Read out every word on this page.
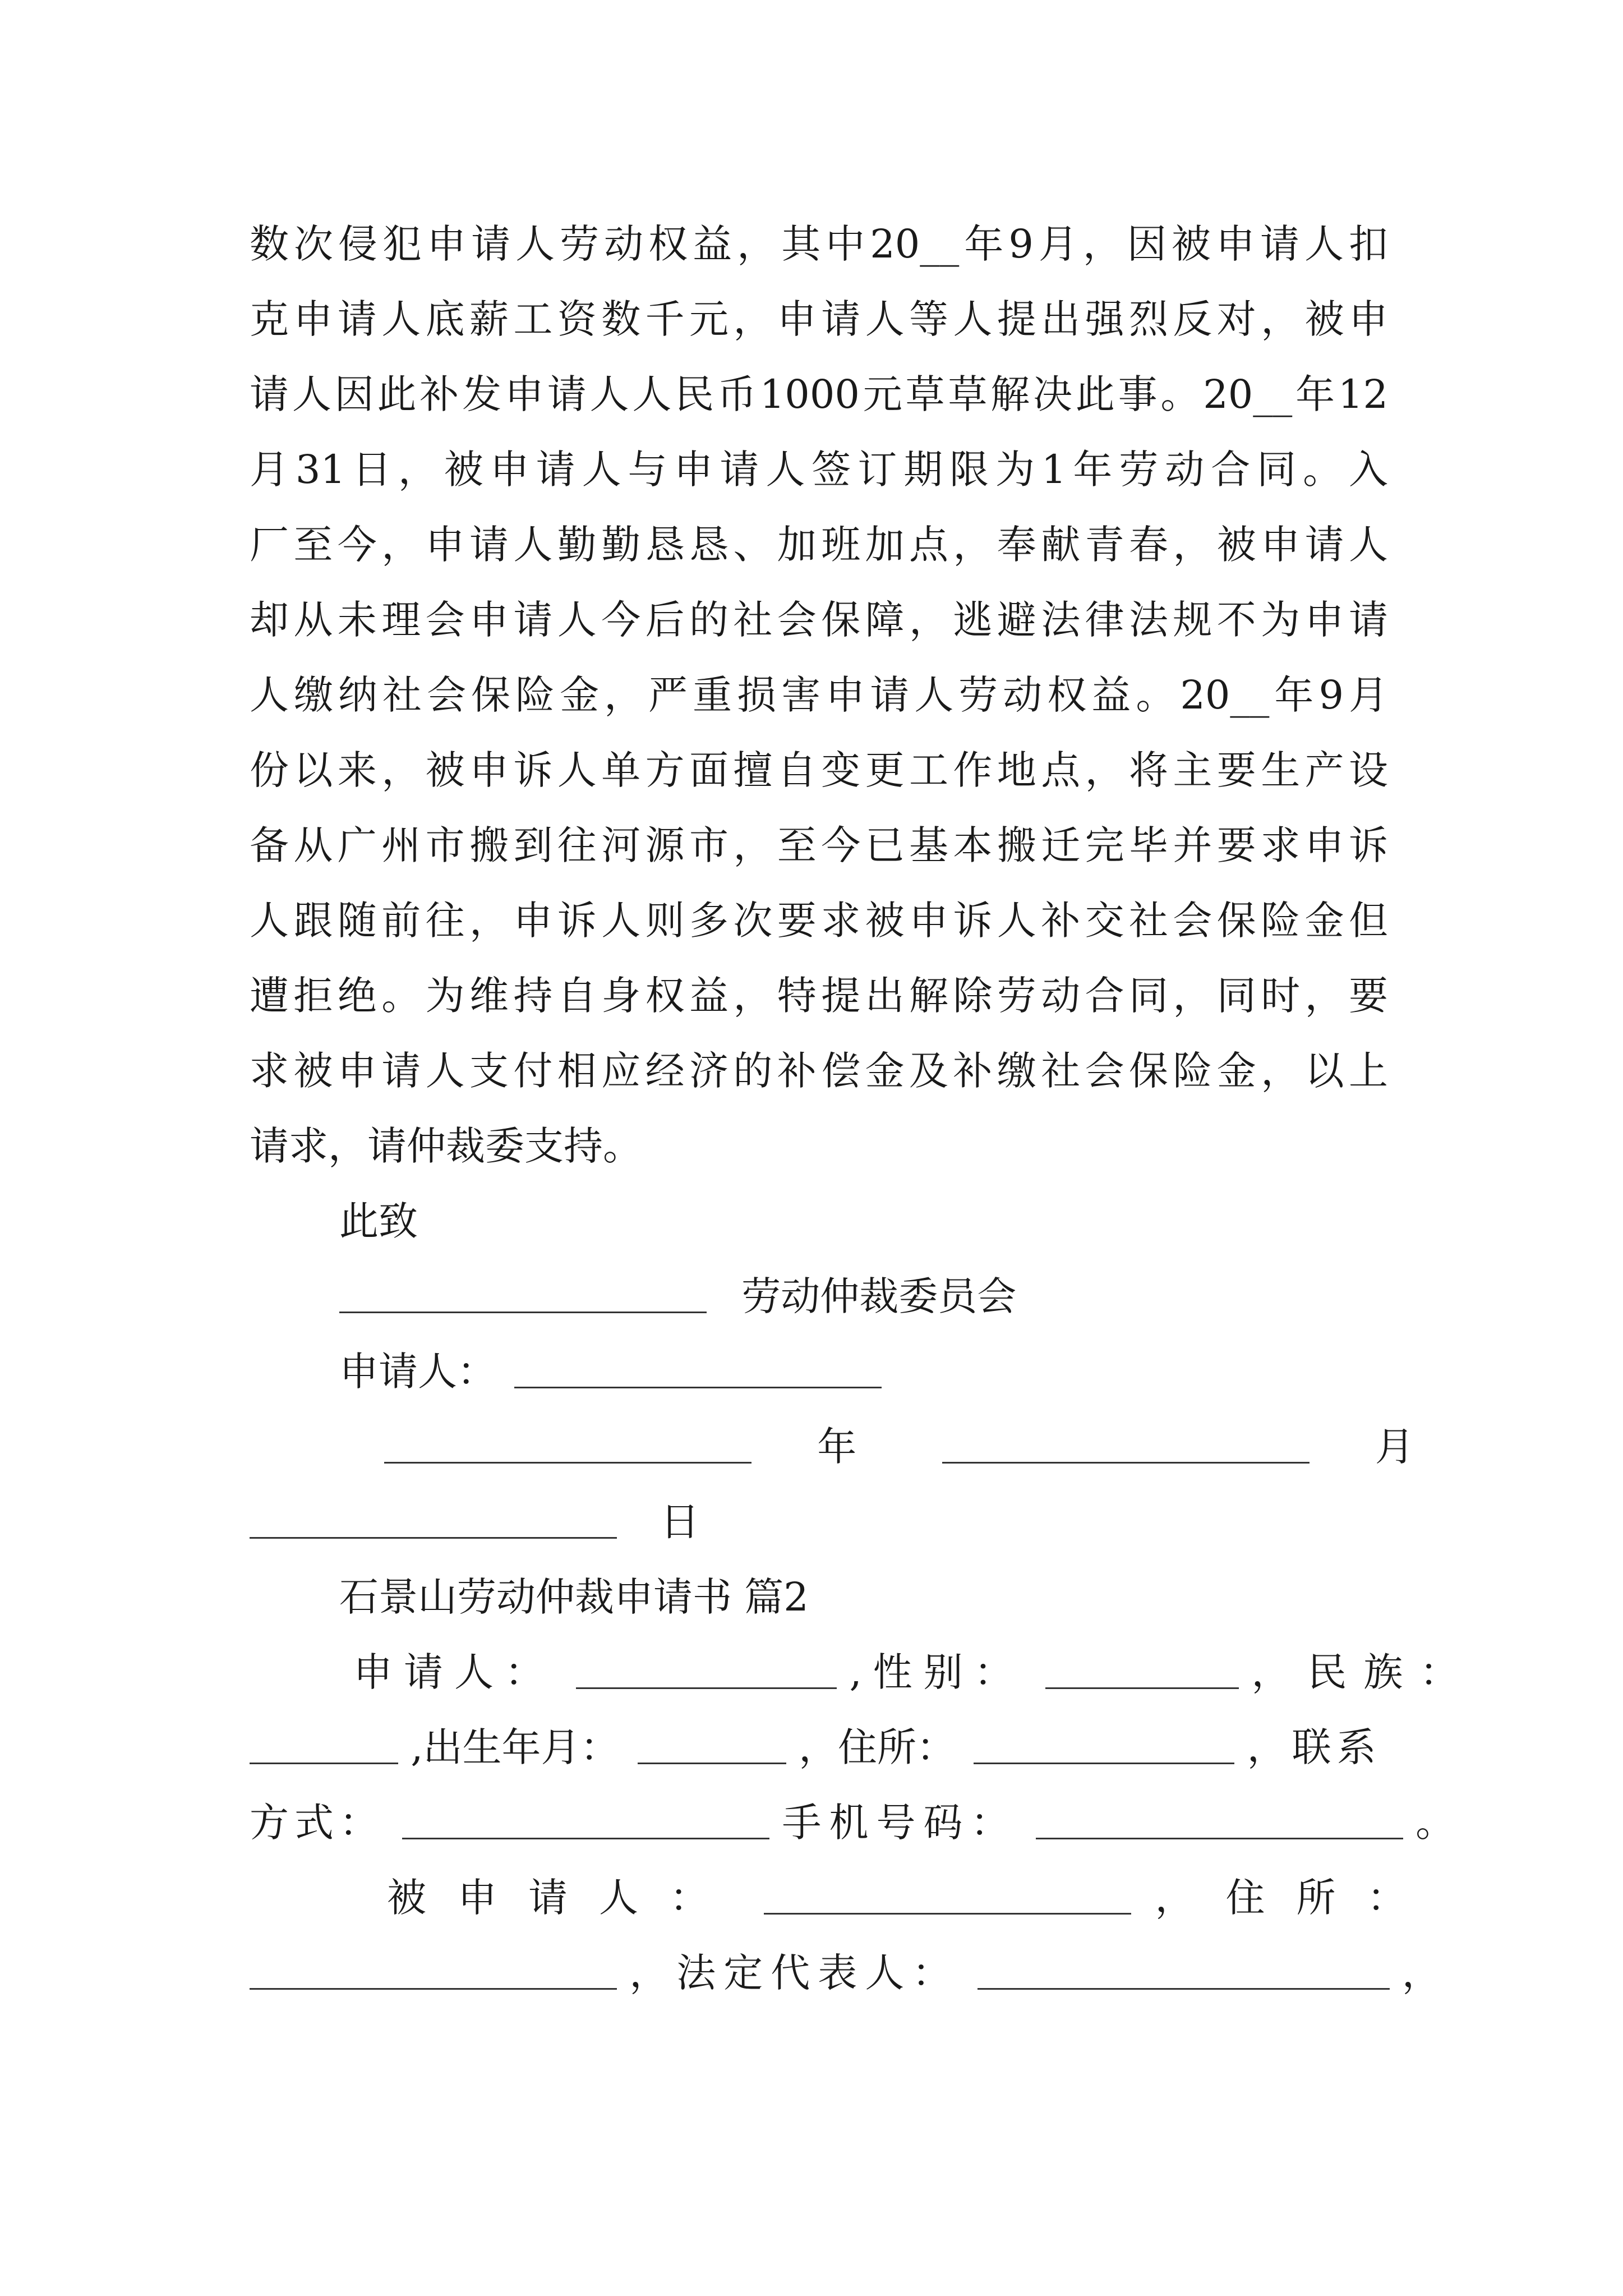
数次侵犯申请人劳动权益，其中20__年9月，因被申请人扣
克申请人底薪工资数千元，申请人等人提出强烈反对，被申
请人因此补发申请人人民币1000元草草解决此事。20__年12
月31日，被申请人与申请人签订期限为1年劳动合同。入
厂至今，申请人勤勤恳恳、加班加点，奉献青春，被申请人
却从未理会申请人今后的社会保障，逃避法律法规不为申请
人缴纳社会保险金，严重损害申请人劳动权益。20__年9月
份以来，被申诉人单方面擅自变更工作地点，将主要生产设
备从广州市搬到往河源市，至今已基本搬迁完毕并要求申诉
人跟随前往，申诉人则多次要求被申诉人补交社会保险金但
遭拒绝。为维持自身权益，特提出解除劳动合同，同时，要
求被申请人支付相应经济的补偿金及补缴社会保险金，以上
请求，请仲裁委支持。
此致
劳动仲裁委员会
申请人：
年	月
日
石景山劳动仲裁申请书 篇2
申请人：	,性别：	，民族：
,出生年月：	，住所：	，联系
方式：	手机号码：	。
被申请人：	，住所：
，法定代表人：	，
